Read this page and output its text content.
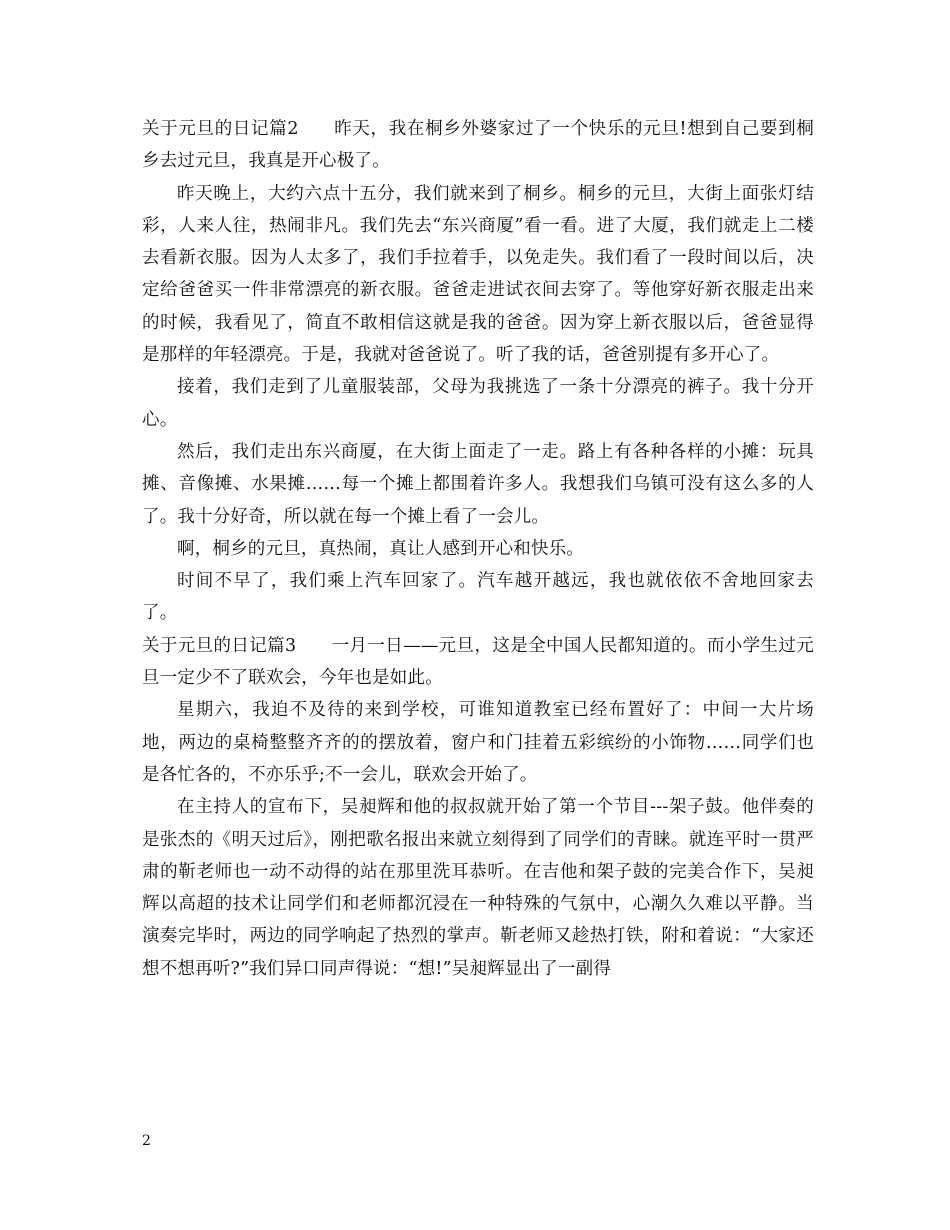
关于元旦的日记篇2 昨天，我在桐乡外婆家过了一个快乐的元旦!想到自己要到桐乡去过元旦，我真是开心极了。

昨天晚上，大约六点十五分，我们就来到了桐乡。桐乡的元旦，大街上面张灯结彩，人来人往，热闹非凡。我们先去“东兴商厦”看一看。进了大厦，我们就走上二楼去看新衣服。因为人太多了，我们手拉着手，以免走失。我们看了一段时间以后，决定给爸爸买一件非常漂亮的新衣服。爸爸走进试衣间去穿了。等他穿好新衣服走出来的时候，我看见了，简直不敢相信这就是我的爸爸。因为穿上新衣服以后，爸爸显得是那样的年轻漂亮。于是，我就对爸爸说了。听了我的话，爸爸别提有多开心了。

接着，我们走到了儿童服装部，父母为我挑选了一条十分漂亮的裤子。我十分开心。

然后，我们走出东兴商厦，在大街上面走了一走。路上有各种各样的小摊：玩具摊、音像摊、水果摊……每一个摊上都围着许多人。我想我们乌镇可没有这么多的人了。我十分好奇，所以就在每一个摊上看了一会儿。

啊，桐乡的元旦，真热闹，真让人感到开心和快乐。

时间不早了，我们乘上汽车回家了。汽车越开越远，我也就依依不舍地回家去了。

关于元旦的日记篇3 一月一日——元旦，这是全中国人民都知道的。而小学生过元旦一定少不了联欢会，今年也是如此。

星期六，我迫不及待的来到学校，可谁知道教室已经布置好了：中间一大片场地，两边的桌椅整整齐齐的的摆放着，窗户和门挂着五彩缤纷的小饰物……同学们也是各忙各的，不亦乐乎;不一会儿，联欢会开始了。

在主持人的宣布下，吴昶辉和他的叔叔就开始了第一个节目---架子鼓。他伴奏的是张杰的《明天过后》，刚把歌名报出来就立刻得到了同学们的青睐。就连平时一贯严肃的靳老师也一动不动得的站在那里洗耳恭听。在吉他和架子鼓的完美合作下，吴昶辉以高超的技术让同学们和老师都沉浸在一种特殊的气氛中，心潮久久难以平静。当演奏完毕时，两边的同学响起了热烈的掌声。靳老师又趁热打铁，附和着说：“大家还想不想再听?”我们异口同声得说：“想!”吴昶辉显出了一副得

2
